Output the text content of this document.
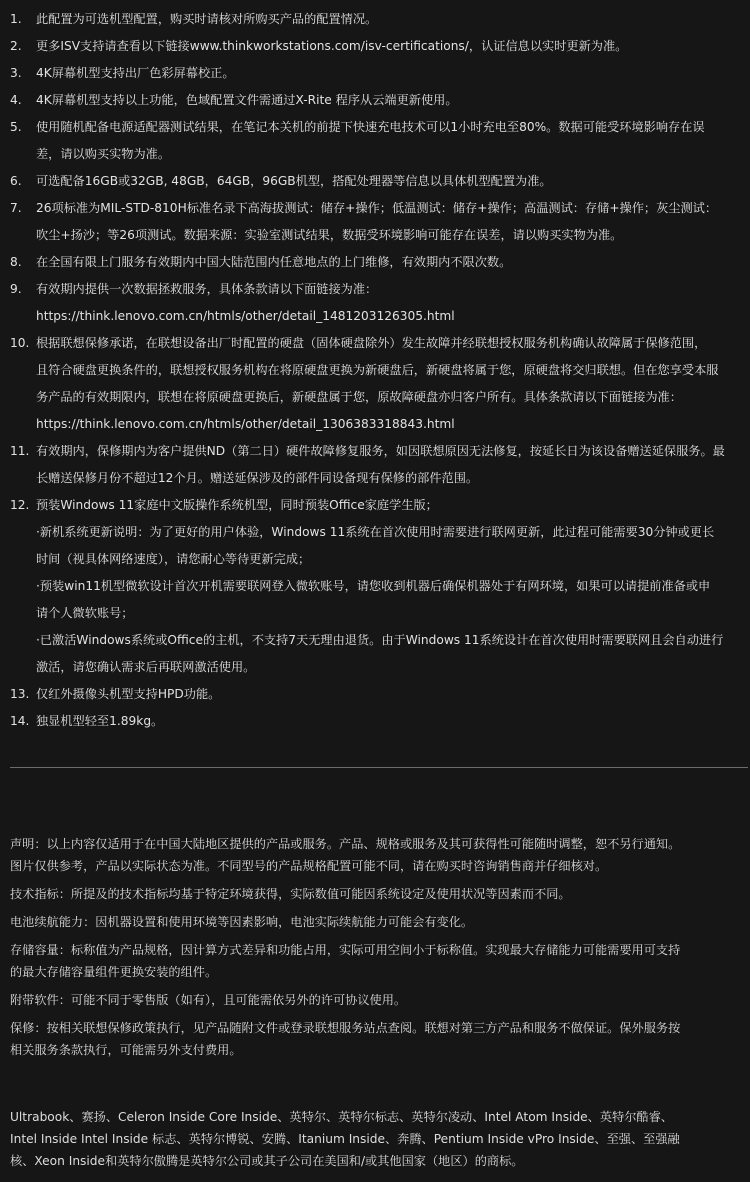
1. 此配置为可选机型配置，购买时请核对所购买产品的配置情况。
2. 更多ISV支持请查看以下链接www.thinkworkstations.com/isv-certifications/，认证信息以实时更新为准。
3. 4K屏幕机型支持出厂色彩屏幕校正。
4. 4K屏幕机型支持以上功能，色域配置文件需通过X-Rite 程序从云端更新使用。
5. 使用随机配备电源适配器测试结果，在笔记本关机的前提下快速充电技术可以1小时充电至80%。数据可能受环境影响存在误
差，请以购买实物为准。
6. 可选配备16GB或32GB, 48GB，64GB，96GB机型，搭配处理器等信息以具体机型配置为准。
7. 26项标准为MIL-STD-810H标准名录下高海拔测试：储存+操作；低温测试：储存+操作；高温测试：存储+操作；灰尘测试：
吹尘+扬沙；等26项测试。数据来源：实验室测试结果，数据受环境影响可能存在误差，请以购买实物为准。
8. 在全国有限上门服务有效期内中国大陆范围内任意地点的上门维修，有效期内不限次数。
9. 有效期内提供一次数据拯救服务，具体条款请以下面链接为准：
https://think.lenovo.com.cn/htmls/other/detail_1481203126305.html
10. 根据联想保修承诺，在联想设备出厂时配置的硬盘（固体硬盘除外）发生故障并经联想授权服务机构确认故障属于保修范围，
且符合硬盘更换条件的，联想授权服务机构在将原硬盘更换为新硬盘后，新硬盘将属于您，原硬盘将交归联想。但在您享受本服
务产品的有效期限内，联想在将原硬盘更换后，新硬盘属于您，原故障硬盘亦归客户所有。具体条款请以下面链接为准：
https://think.lenovo.com.cn/htmls/other/detail_1306383318843.html
11. 有效期内，保修期内为客户提供ND（第二日）硬件故障修复服务，如因联想原因无法修复，按延长日为该设备赠送延保服务。最
长赠送保修月份不超过12个月。赠送延保涉及的部件同设备现有保修的部件范围。
12. 预装Windows 11家庭中文版操作系统机型，同时预装Office家庭学生版；
·新机系统更新说明：为了更好的用户体验，Windows 11系统在首次使用时需要进行联网更新，此过程可能需要30分钟或更长
时间（视具体网络速度），请您耐心等待更新完成；
·预装win11机型微软设计首次开机需要联网登入微软账号，请您收到机器后确保机器处于有网环境，如果可以请提前准备或申
请个人微软账号；
·已激活Windows系统或Office的主机，不支持7天无理由退货。由于Windows 11系统设计在首次使用时需要联网且会自动进行
激活，请您确认需求后再联网激活使用。
13. 仅红外摄像头机型支持HPD功能。
14. 独显机型轻至1.89kg。
声明：以上内容仅适用于在中国大陆地区提供的产品或服务。产品、规格或服务及其可获得性可能随时调整，恕不另行通知。
图片仅供参考，产品以实际状态为准。不同型号的产品规格配置可能不同，请在购买时咨询销售商并仔细核对。
技术指标：所提及的技术指标均基于特定环境获得，实际数值可能因系统设定及使用状况等因素而不同。
电池续航能力：因机器设置和使用环境等因素影响，电池实际续航能力可能会有变化。
存储容量：标称值为产品规格，因计算方式差异和功能占用，实际可用空间小于标称值。实现最大存储能力可能需要用可支持
的最大存储容量组件更换安装的组件。
附带软件：可能不同于零售版（如有），且可能需依另外的许可协议使用。
保修：按相关联想保修政策执行，见产品随附文件或登录联想服务站点查阅。联想对第三方产品和服务不做保证。保外服务按
相关服务条款执行，可能需另外支付费用。
Ultrabook、赛扬、Celeron Inside Core Inside、英特尔、英特尔标志、英特尔凌动、Intel Atom Inside、英特尔酷睿、
Intel Inside Intel Inside 标志、英特尔博锐、安腾、Itanium Inside、奔腾、Pentium Inside vPro Inside、至强、至强融
核、Xeon Inside和英特尔傲腾是英特尔公司或其子公司在美国和/或其他国家（地区）的商标。
